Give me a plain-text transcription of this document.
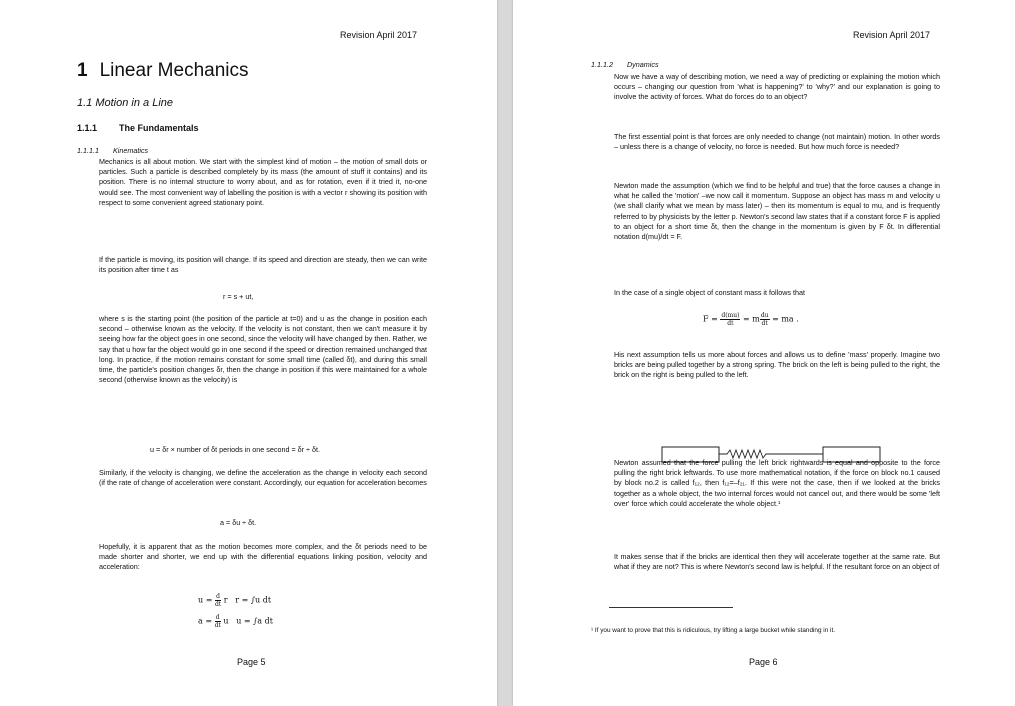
Revision April 2017
1 Linear Mechanics
1.1 Motion in a Line
1.1.1 The Fundamentals
1.1.1.1 Kinematics
Mechanics is all about motion. We start with the simplest kind of motion – the motion of small dots or particles. Such a particle is described completely by its mass (the amount of stuff it contains) and its position. There is no internal structure to worry about, and as for rotation, even if it tried it, no-one would see. The most convenient way of labelling the position is with a vector r showing its position with respect to some convenient agreed stationary point.
If the particle is moving, its position will change. If its speed and direction are steady, then we can write its position after time t as
r = s + ut,
where s is the starting point (the position of the particle at t=0) and u as the change in position each second – otherwise known as the velocity. If the velocity is not constant, then we can't measure it by seeing how far the object goes in one second, since the velocity will have changed by then. Rather, we say that u how far the object would go in one second if the speed or direction remained unchanged that long. In practice, if the motion remains constant for some small time (called δt), and during this small time, the particle's position changes δr, then the change in position if this were maintained for a whole second (otherwise known as the velocity) is
u = δr × number of δt periods in one second = δr ÷ δt.
Similarly, if the velocity is changing, we define the acceleration as the change in velocity each second (if the rate of change of acceleration were constant. Accordingly, our equation for acceleration becomes
a = δu ÷ δt.
Hopefully, it is apparent that as the motion becomes more complex, and the δt periods need to be made shorter and shorter, we end up with the differential equations linking position, velocity and acceleration:
$u = \frac{d}{dt}$ r r = ∫u dt
$a = \frac{d}{dt}$ u u = ∫a dt
Page 5
Revision April 2017
1.1.1.2 Dynamics
Now we have a way of describing motion, we need a way of predicting or explaining the motion which occurs – changing our question from 'what is happening?' to 'why?' and our explanation is going to involve the activity of forces. What do forces do to an object?
The first essential point is that forces are only needed to change (not maintain) motion. In other words – unless there is a change of velocity, no force is needed. But how much force is needed?
Newton made the assumption (which we find to be helpful and true) that the force causes a change in what he called the 'motion' –we now call it momentum. Suppose an object has mass m and velocity u (we shall clarify what we mean by mass later) – then its momentum is equal to mu, and is frequently referred to by physicists by the letter p. Newton's second law states that if a constant force F is applied to an object for a short time δt, then the change in the momentum is given by F δt. In differential notation d(mu)/dt = F.
In the case of a single object of constant mass it follows that
$F = \frac{d(mu)}{dt} = m \frac{du}{dt}$ = ma .
His next assumption tells us more about forces and allows us to define 'mass' properly. Imagine two bricks are being pulled together by a strong spring. The brick on the left is being pulled to the right, the brick on the right is being pulled to the left.
Newton assumed that the force pulling the left brick rightwards is equal and opposite to the force pulling the right brick leftwards. To use more mathematical notation, if the force on block no.1 caused by block no.2 is called f₁₂, then f₁₂=–f₂₁. If this were not the case, then if we looked at the bricks together as a whole object, the two internal forces would not cancel out, and there would be some 'left over' force which could accelerate the whole object.¹
It makes sense that if the bricks are identical then they will accelerate together at the same rate. But what if they are not? This is where Newton's second law is helpful. If the resultant force on an object of
¹ If you want to prove that this is ridiculous, try lifting a large bucket while standing in it.
Page 6
